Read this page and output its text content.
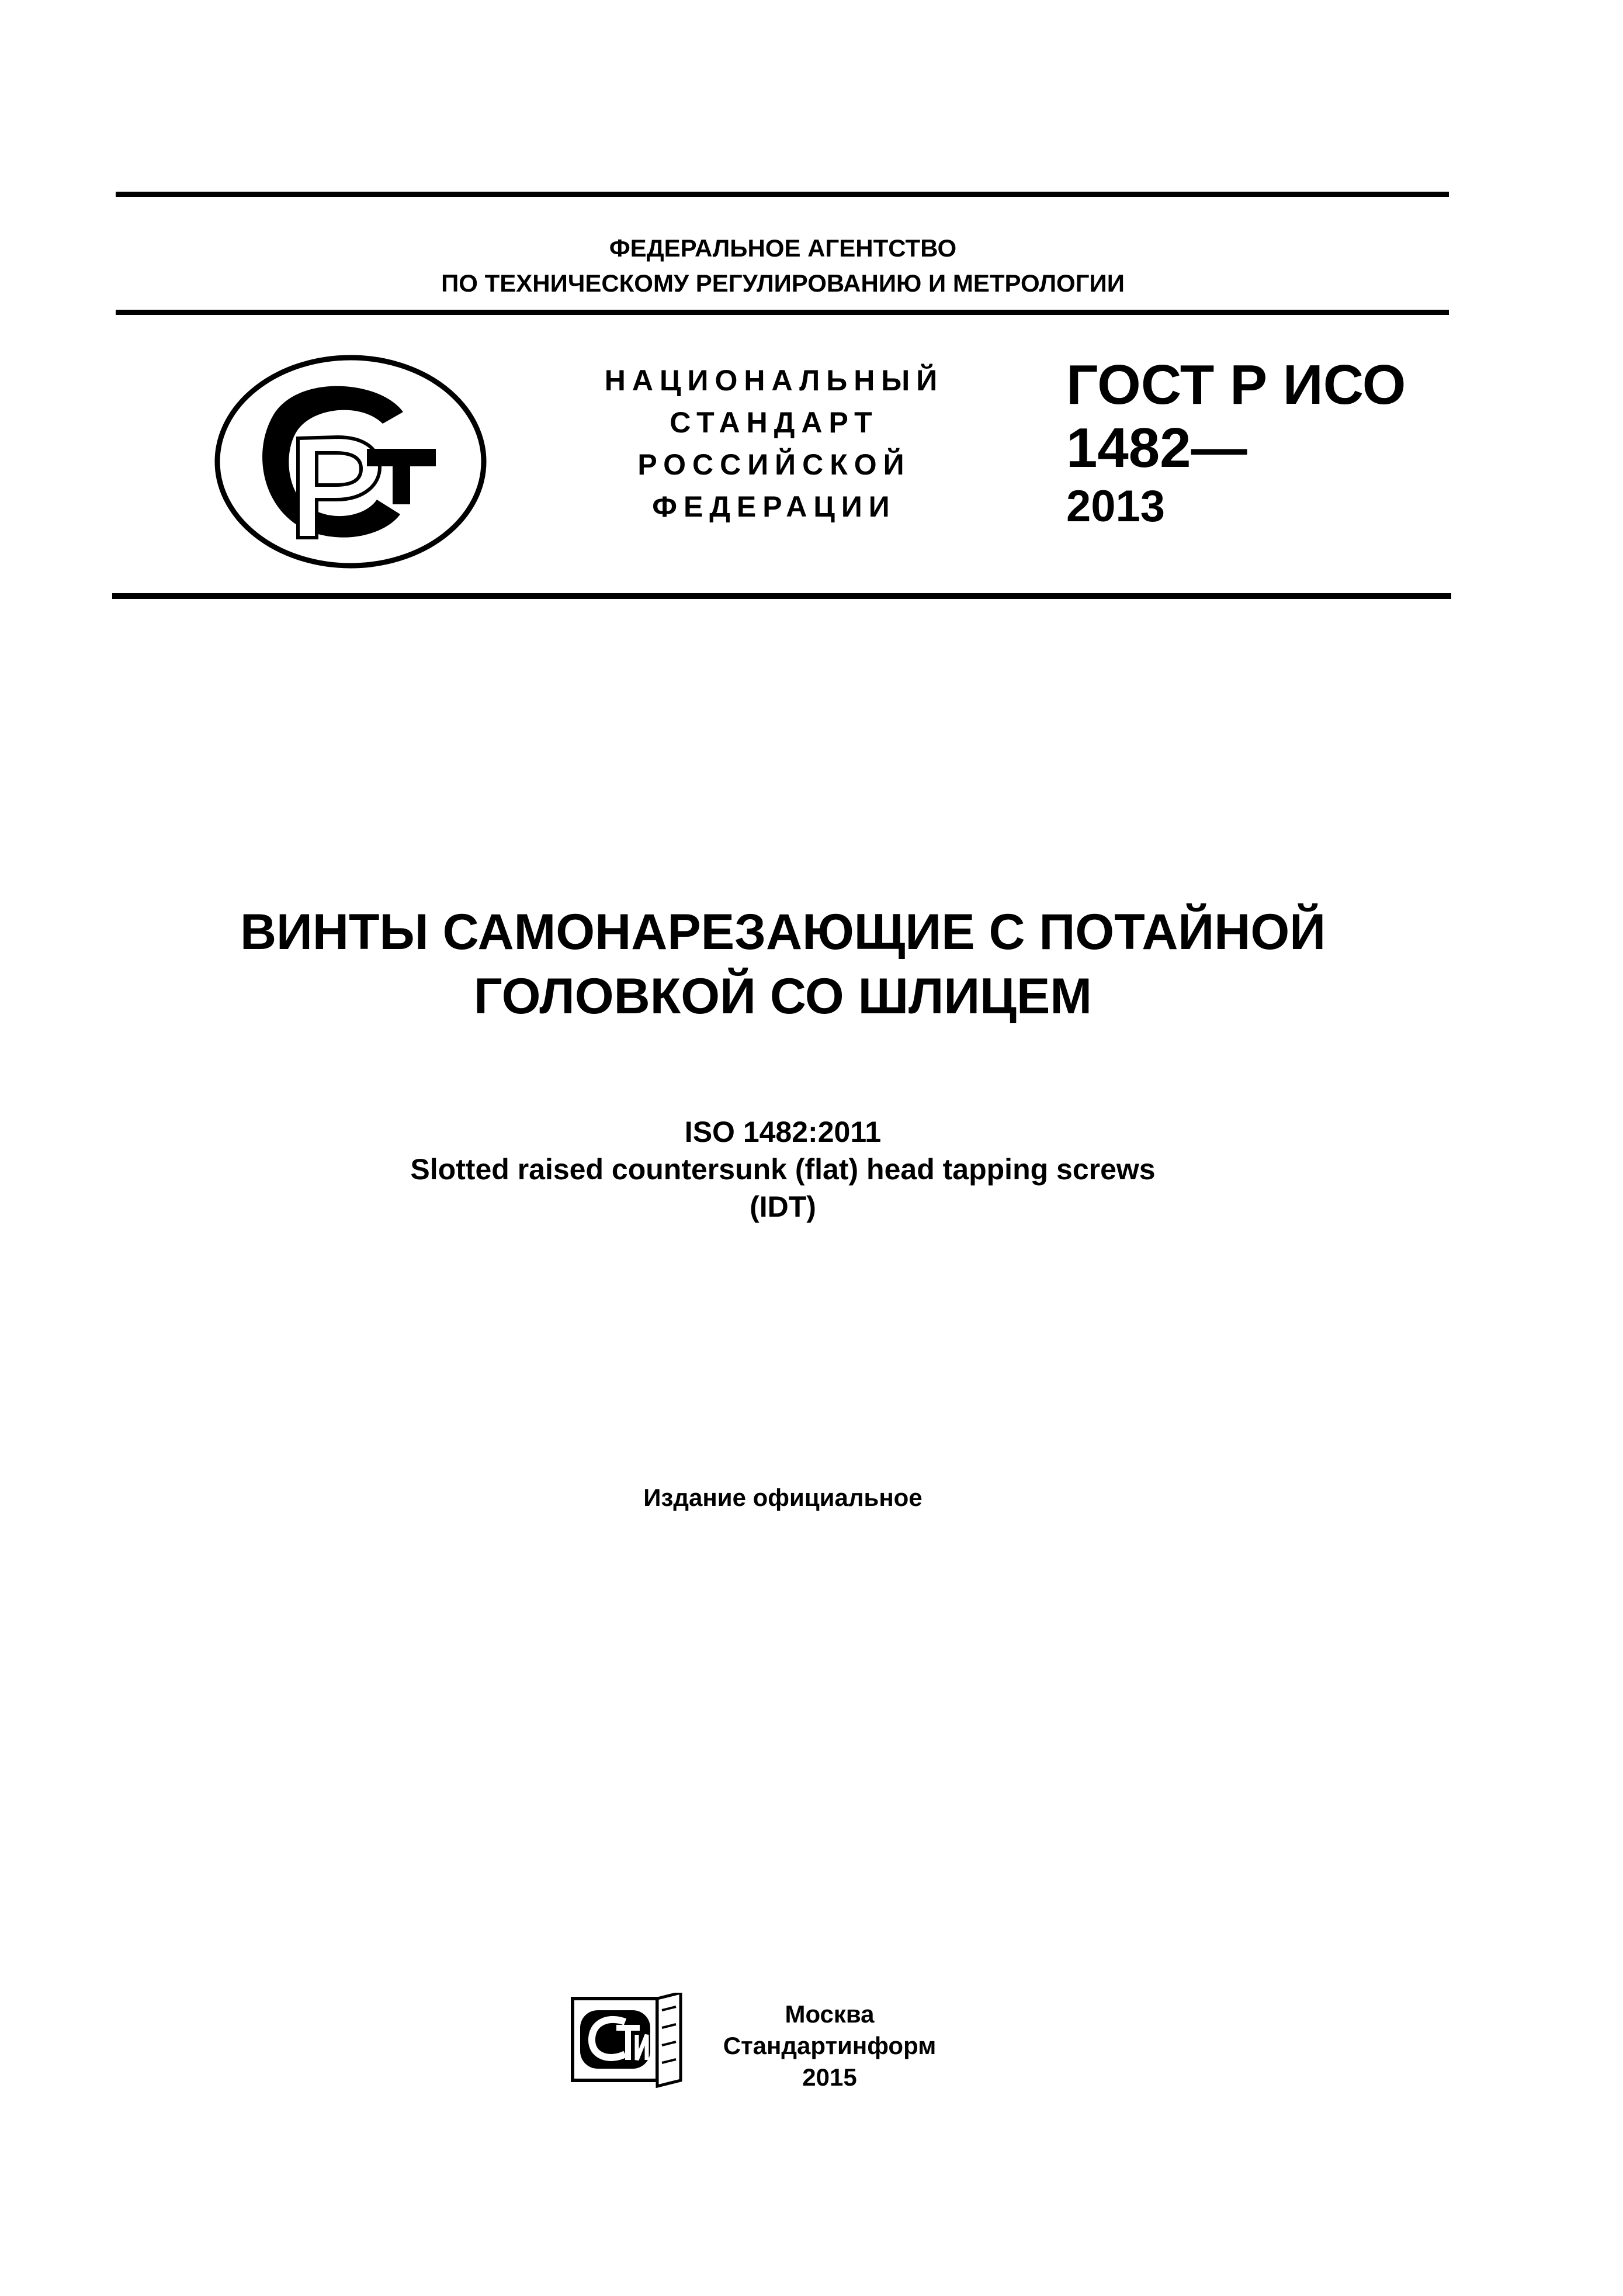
ФЕДЕРАЛЬНОЕ АГЕНТСТВО
ПО ТЕХНИЧЕСКОМУ РЕГУЛИРОВАНИЮ И МЕТРОЛОГИИ
НАЦИОНАЛЬНЫЙ
СТАНДАРТ
РОССИЙСКОЙ
ФЕДЕРАЦИИ
ГОСТ Р ИСО
1482—
2013
ВИНТЫ САМОНАРЕЗАЮЩИЕ С ПОТАЙНОЙ
ГОЛОВКОЙ СО ШЛИЦЕМ
ISO 1482:2011
Slotted raised countersunk (flat) head tapping screws
(IDT)
Издание официальное
Москва
Стандартинформ
2015
